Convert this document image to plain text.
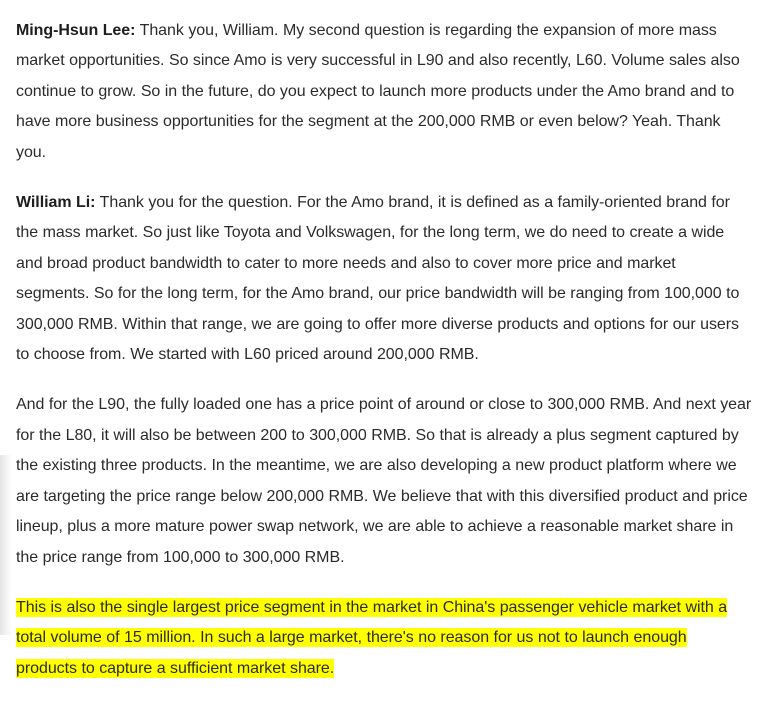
Ming-Hsun Lee: Thank you, William. My second question is regarding the expansion of more mass market opportunities. So since Amo is very successful in L90 and also recently, L60. Volume sales also continue to grow. So in the future, do you expect to launch more products under the Amo brand and to have more business opportunities for the segment at the 200,000 RMB or even below? Yeah. Thank you.

William Li: Thank you for the question. For the Amo brand, it is defined as a family-oriented brand for the mass market. So just like Toyota and Volkswagen, for the long term, we do need to create a wide and broad product bandwidth to cater to more needs and also to cover more price and market segments. So for the long term, for the Amo brand, our price bandwidth will be ranging from 100,000 to 300,000 RMB. Within that range, we are going to offer more diverse products and options for our users to choose from. We started with L60 priced around 200,000 RMB.

And for the L90, the fully loaded one has a price point of around or close to 300,000 RMB. And next year for the L80, it will also be between 200 to 300,000 RMB. So that is already a plus segment captured by the existing three products. In the meantime, we are also developing a new product platform where we are targeting the price range below 200,000 RMB. We believe that with this diversified product and price lineup, plus a more mature power swap network, we are able to achieve a reasonable market share in the price range from 100,000 to 300,000 RMB.

This is also the single largest price segment in the market in China's passenger vehicle market with a total volume of 15 million. In such a large market, there's no reason for us not to launch enough products to capture a sufficient market share.
